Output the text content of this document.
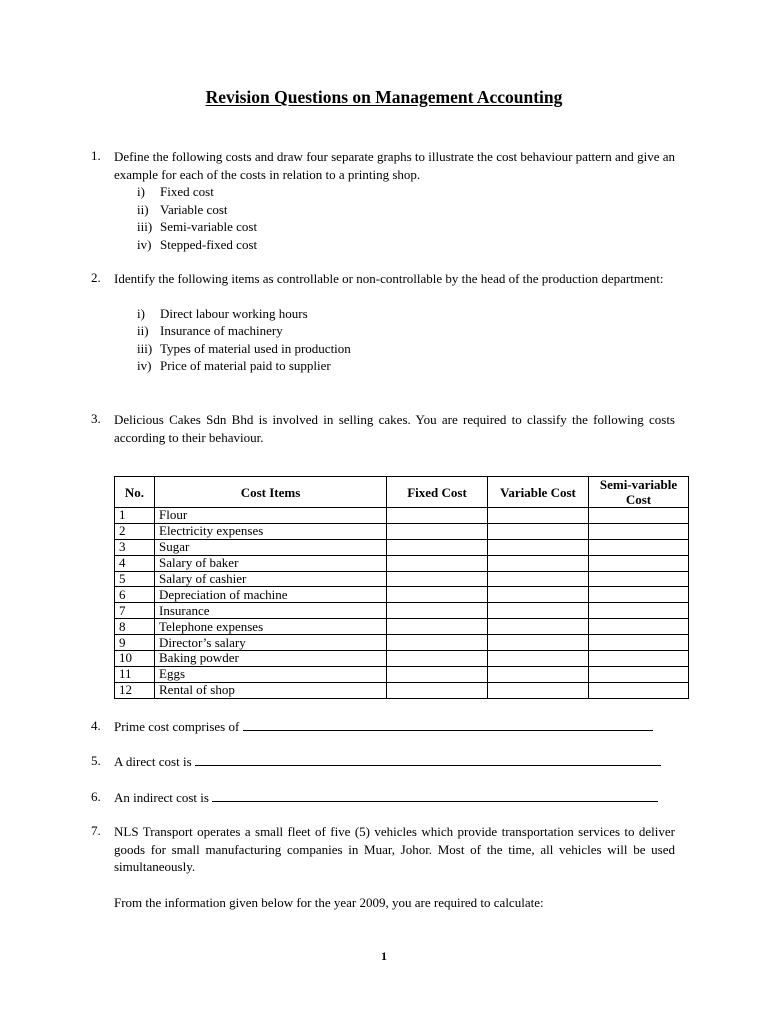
Revision Questions on Management Accounting
1. Define the following costs and draw four separate graphs to illustrate the cost behaviour pattern and give an example for each of the costs in relation to a printing shop.
i) Fixed cost
ii) Variable cost
iii) Semi-variable cost
iv) Stepped-fixed cost
2. Identify the following items as controllable or non-controllable by the head of the production department:
i) Direct labour working hours
ii) Insurance of machinery
iii) Types of material used in production
iv) Price of material paid to supplier
3. Delicious Cakes Sdn Bhd is involved in selling cakes. You are required to classify the following costs according to their behaviour.
No.	Cost Items	Fixed Cost	Variable Cost	Semi-variable Cost
1	Flour			
2	Electricity expenses			
3	Sugar			
4	Salary of baker			
5	Salary of cashier			
6	Depreciation of machine			
7	Insurance			
8	Telephone expenses			
9	Director’s salary			
10	Baking powder			
11	Eggs			
12	Rental of shop			
4. Prime cost comprises of
5. A direct cost is
6. An indirect cost is
7. NLS Transport operates a small fleet of five (5) vehicles which provide transportation services to deliver goods for small manufacturing companies in Muar, Johor. Most of the time, all vehicles will be used simultaneously.
From the information given below for the year 2009, you are required to calculate:
1
